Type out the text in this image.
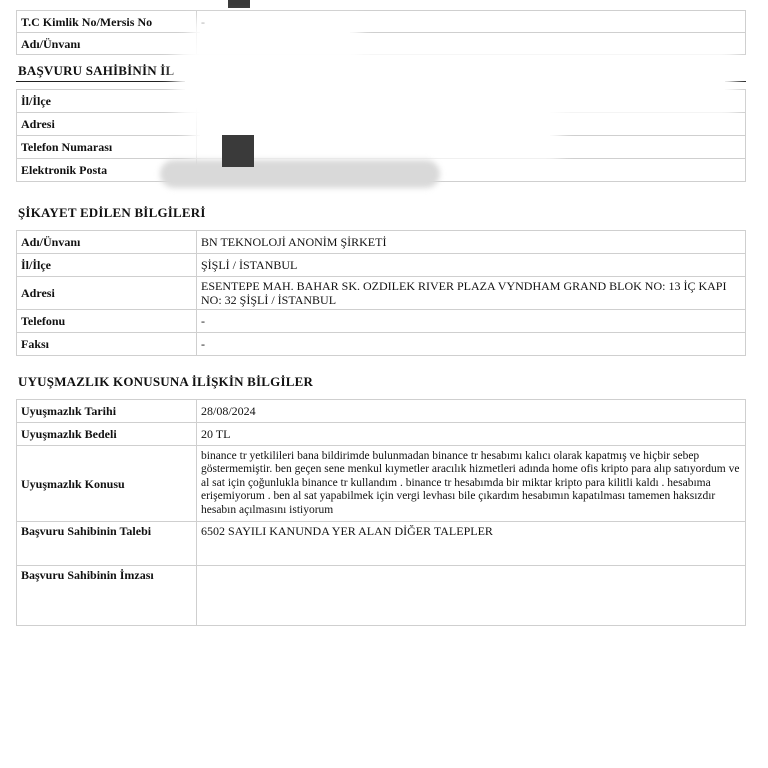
T.C Kimlik No/Mersis No	-
Adı/Ünvanı	
BAŞVURU SAHİBİNİN İL
İl/İlçe	
Adresi	
Telefon Numarası	
Elektronik Posta	
ŞİKAYET EDİLEN BİLGİLERİ
Adı/Ünvanı	BN TEKNOLOJİ ANONİM ŞİRKETİ
İl/İlçe	ŞİŞLİ / İSTANBUL
Adresi	ESENTEPE MAH. BAHAR SK. OZDILEK RIVER PLAZA VYNDHAM GRAND BLOK NO: 13 İÇ KAPI NO: 32 ŞİŞLİ / İSTANBUL
Telefonu	-
Faksı	-
UYUŞMAZLIK KONUSUNA İLİŞKİN BİLGİLER
Uyuşmazlık Tarihi	28/08/2024
Uyuşmazlık Bedeli	20 TL
Uyuşmazlık Konusu	binance tr yetkilileri bana bildirimde bulunmadan binance tr hesabımı kalıcı olarak kapatmış ve hiçbir sebep göstermemiştir. ben geçen sene menkul kıymetler aracılık hizmetleri adında home ofis kripto para alıp satıyordum ve al sat için çoğunlukla binance tr kullandım . binance tr hesabımda bir miktar kripto para kilitli kaldı . hesabıma erişemiyorum . ben al sat yapabilmek için vergi levhası bile çıkardım hesabımın kapatılması tamemen haksızdır hesabın açılmasını istiyorum
Başvuru Sahibinin Talebi	6502 SAYILI KANUNDA YER ALAN DİĞER TALEPLER
Başvuru Sahibinin İmzası	
